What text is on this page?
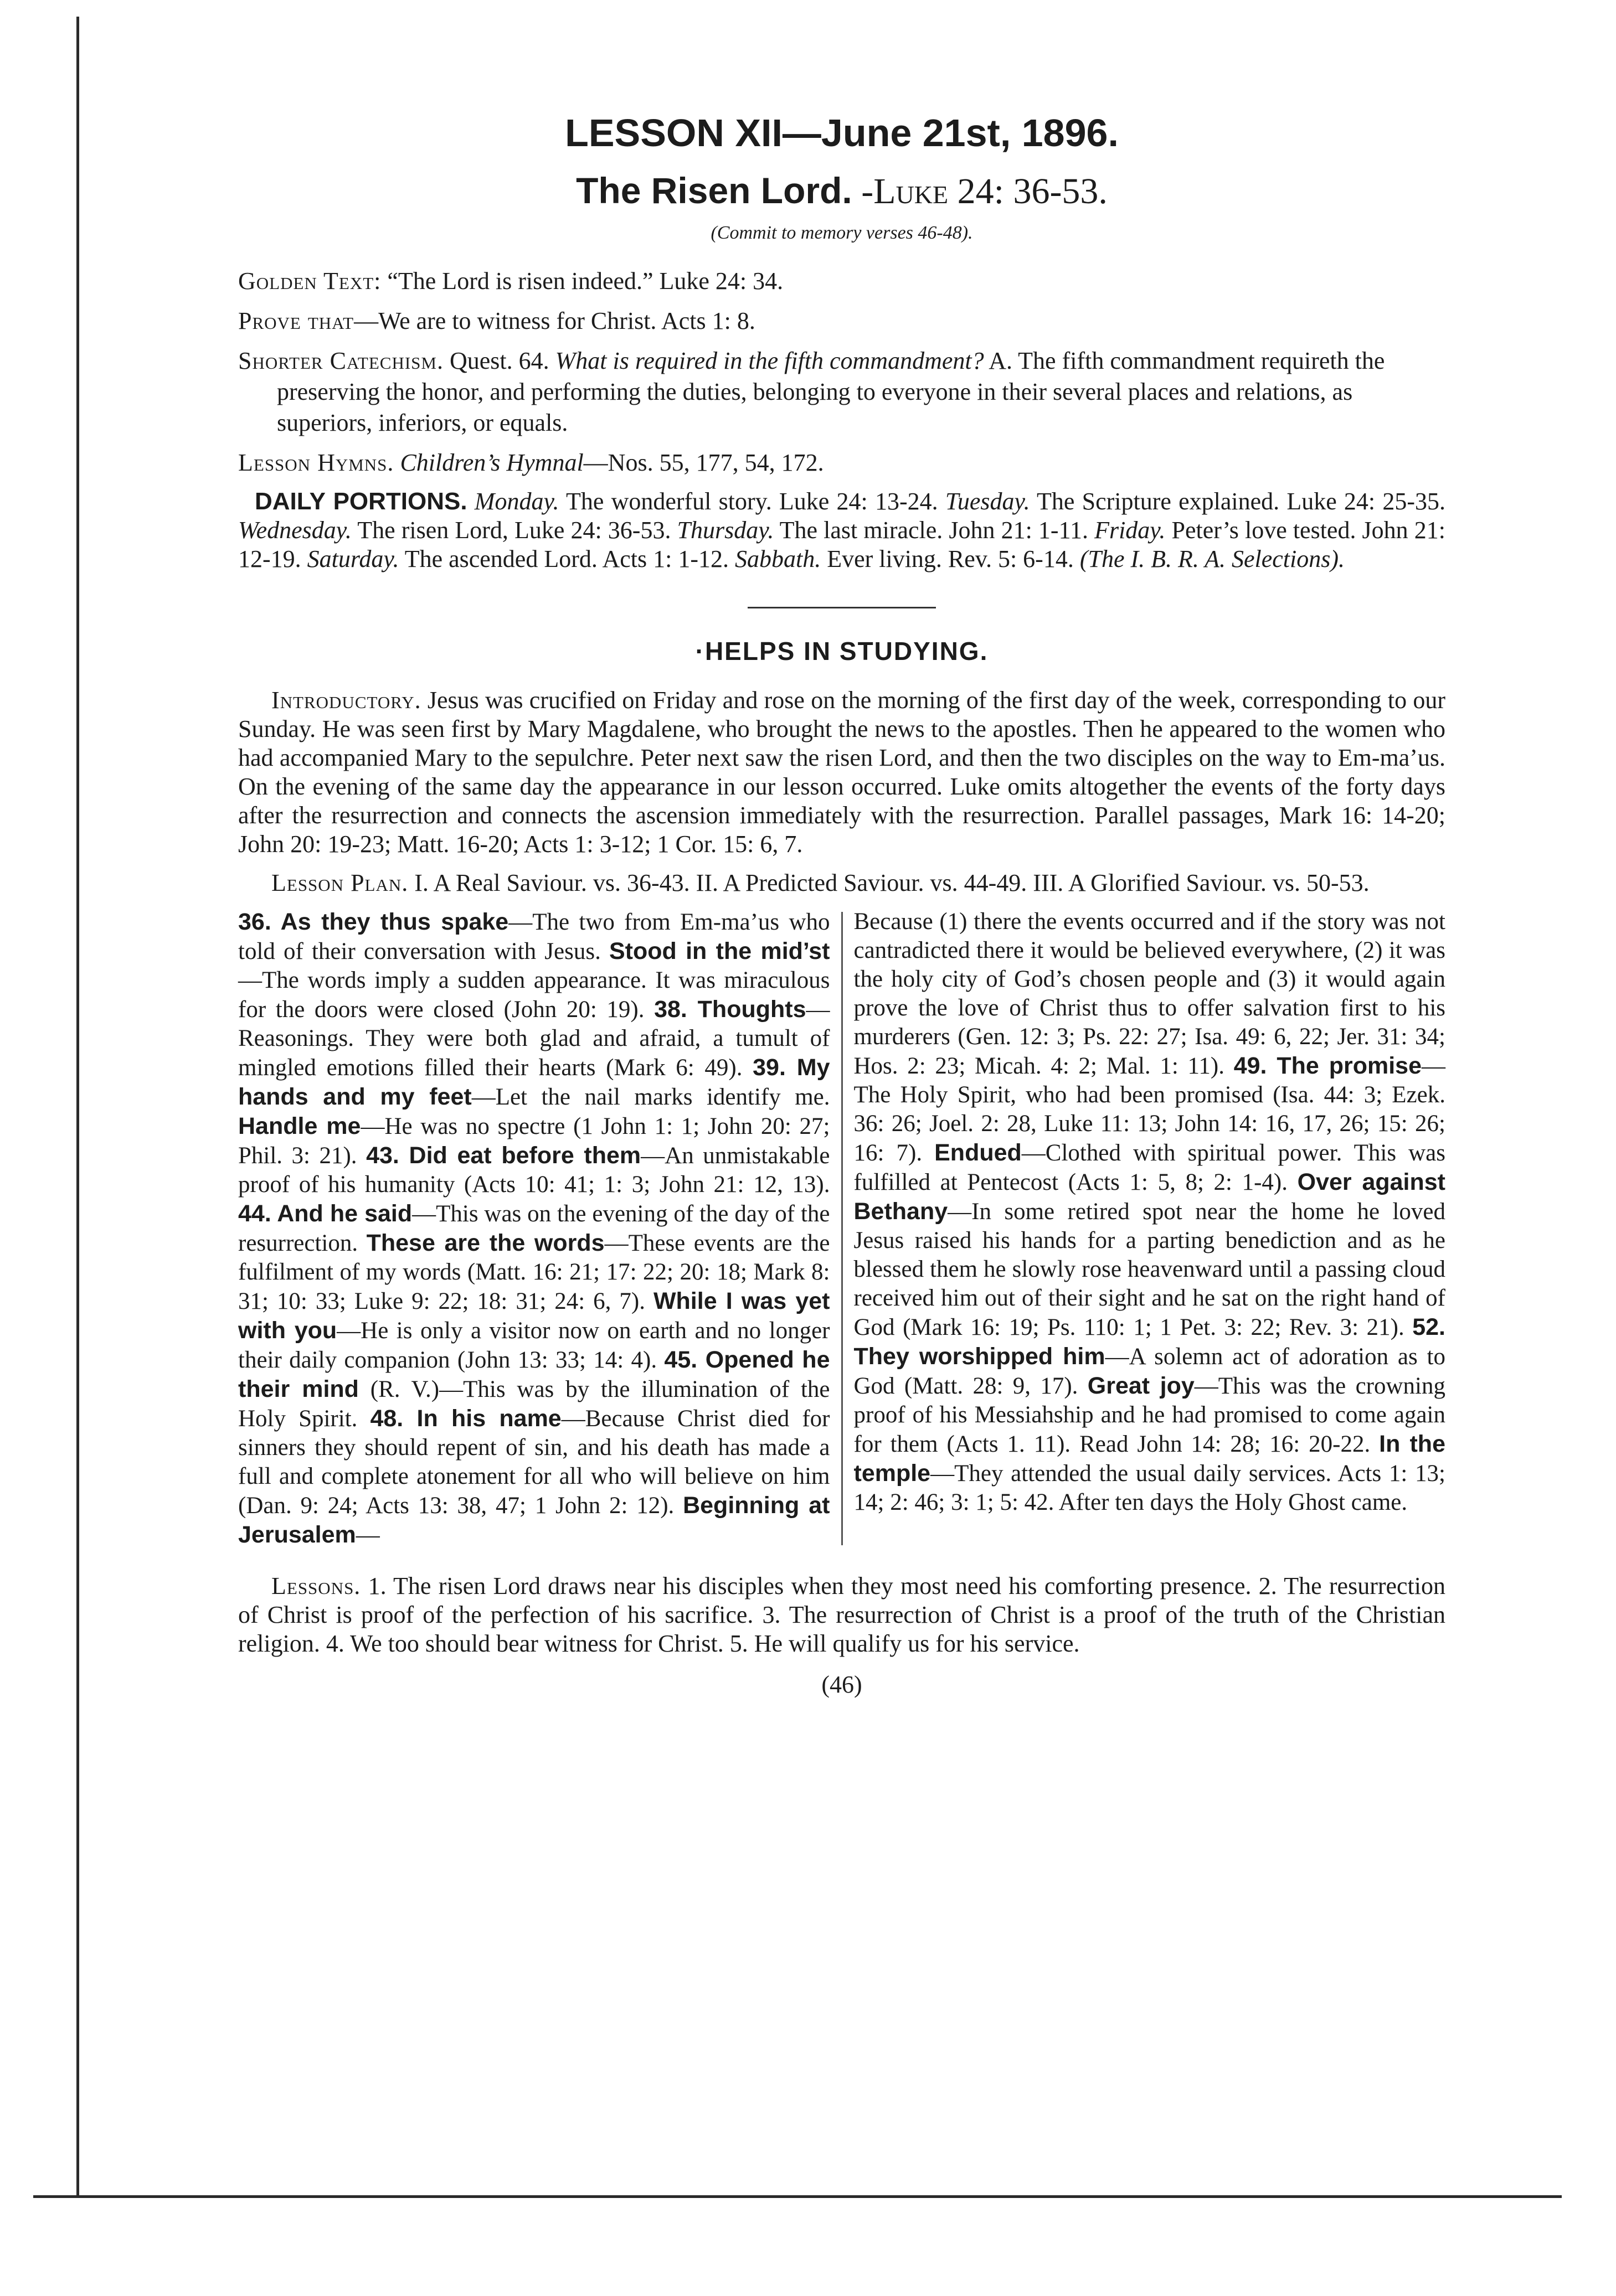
LESSON XII—June 21st, 1896.
The Risen Lord. -Luke 24: 36-53.
(Commit to memory verses 46-48).

Golden Text: “The Lord is risen indeed.” Luke 24: 34.

Prove that—We are to witness for Christ. Acts 1: 8.

Shorter Catechism. Quest. 64. What is required in the fifth commandment? A. The fifth commandment requireth the preserving the honor, and performing the duties, belonging to everyone in their several places and relations, as superiors, inferiors, or equals.

Lesson Hymns. Children’s Hymnal—Nos. 55, 177, 54, 172.

DAILY PORTIONS. Monday. The wonderful story. Luke 24: 13-24. Tuesday. The Scripture explained. Luke 24: 25-35. Wednesday. The risen Lord, Luke 24: 36-53. Thursday. The last miracle. John 21: 1-11. Friday. Peter’s love tested. John 21: 12-19. Saturday. The ascended Lord. Acts 1: 1-12. Sabbath. Ever living. Rev. 5: 6-14. (The I. B. R. A. Selections).

·HELPS IN STUDYING.

Introductory. Jesus was crucified on Friday and rose on the morning of the first day of the week, corresponding to our Sunday. He was seen first by Mary Magdalene, who brought the news to the apostles. Then he appeared to the women who had accompanied Mary to the sepulchre. Peter next saw the risen Lord, and then the two disciples on the way to Em-ma’us. On the evening of the same day the appearance in our lesson occurred. Luke omits altogether the events of the forty days after the resurrection and connects the ascension immediately with the resurrection. Parallel passages, Mark 16: 14-20; John 20: 19-23; Matt. 16-20; Acts 1: 3-12; 1 Cor. 15: 6, 7.

Lesson Plan. I. A Real Saviour. vs. 36-43. II. A Predicted Saviour. vs. 44-49. III. A Glorified Saviour. vs. 50-53.

36. As they thus spake—The two from Em-ma’us who told of their conversation with Jesus. Stood in the mid’st—The words imply a sudden appearance. It was miraculous for the doors were closed (John 20: 19). 38. Thoughts—Reasonings. They were both glad and afraid, a tumult of mingled emotions filled their hearts (Mark 6: 49). 39. My hands and my feet—Let the nail marks identify me. Handle me—He was no spectre (1 John 1: 1; John 20: 27; Phil. 3: 21). 43. Did eat before them—An unmistakable proof of his humanity (Acts 10: 41; 1: 3; John 21: 12, 13). 44. And he said—This was on the evening of the day of the resurrection. These are the words—These events are the fulfilment of my words (Matt. 16: 21; 17: 22; 20: 18; Mark 8: 31; 10: 33; Luke 9: 22; 18: 31; 24: 6, 7). While I was yet with you—He is only a visitor now on earth and no longer their daily companion (John 13: 33; 14: 4). 45. Opened he their mind (R. V.)—This was by the illumination of the Holy Spirit. 48. In his name—Because Christ died for sinners they should repent of sin, and his death has made a full and complete atonement for all who will believe on him (Dan. 9: 24; Acts 13: 38, 47; 1 John 2: 12). Beginning at Jerusalem—

Because (1) there the events occurred and if the story was not cantradicted there it would be believed everywhere, (2) it was the holy city of God’s chosen people and (3) it would again prove the love of Christ thus to offer salvation first to his murderers (Gen. 12: 3; Ps. 22: 27; Isa. 49: 6, 22; Jer. 31: 34; Hos. 2: 23; Micah. 4: 2; Mal. 1: 11). 49. The promise—The Holy Spirit, who had been promised (Isa. 44: 3; Ezek. 36: 26; Joel. 2: 28, Luke 11: 13; John 14: 16, 17, 26; 15: 26; 16: 7). Endued—Clothed with spiritual power. This was fulfilled at Pentecost (Acts 1: 5, 8; 2: 1-4). Over against Bethany—In some retired spot near the home he loved Jesus raised his hands for a parting benediction and as he blessed them he slowly rose heavenward until a passing cloud received him out of their sight and he sat on the right hand of God (Mark 16: 19; Ps. 110: 1; 1 Pet. 3: 22; Rev. 3: 21). 52. They worshipped him—A solemn act of adoration as to God (Matt. 28: 9, 17). Great joy—This was the crowning proof of his Messiahship and he had promised to come again for them (Acts 1. 11). Read John 14: 28; 16: 20-22. In the temple—They attended the usual daily services. Acts 1: 13; 14; 2: 46; 3: 1; 5: 42. After ten days the Holy Ghost came.

Lessons. 1. The risen Lord draws near his disciples when they most need his comforting presence. 2. The resurrection of Christ is proof of the perfection of his sacrifice. 3. The resurrection of Christ is a proof of the truth of the Christian religion. 4. We too should bear witness for Christ. 5. He will qualify us for his service.

(46)
